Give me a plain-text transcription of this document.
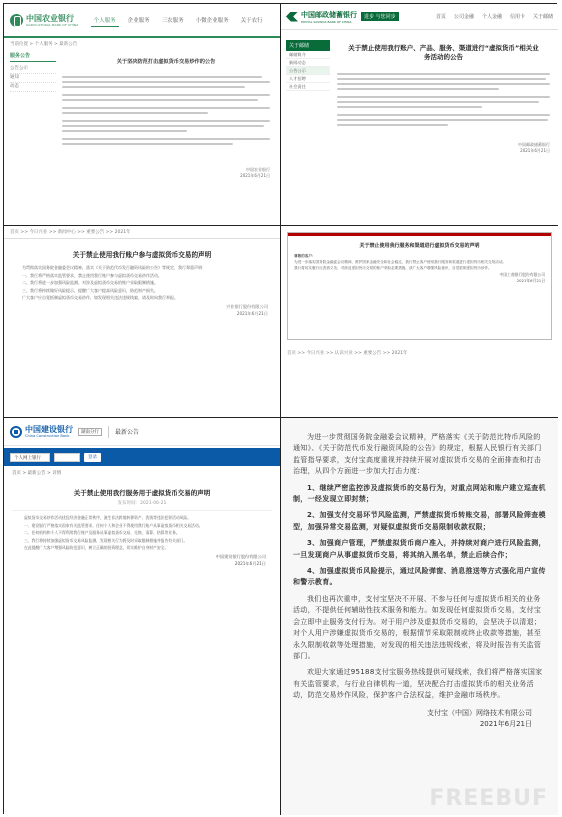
中国农业银行
AGRICULTURAL BANK OF CHINA
个人服务	企业服务	三农服务	小微企业服务	关于农行
当前位置 > 个人服务 > 最新公告
服务公告
公告公示
通知
动态
关于坚决防范打击虚拟货币交易炒作的公告
中国农业银行
2021年6月21日
中国邮政储蓄银行
POSTAL SAVINGS BANK OF CHINA
进步 与您同步	首页 公司金融 个人金融 信用卡 关于邮储
关于邮储
邮储简介
新闻动态
公告公示
人才招聘
社会责任
关于禁止使用我行账户、产品、服务、渠道进行“虚拟货币”相关业务活动的公告
中国邮政储蓄银行
2021年6月21日
首页 >> 今日兴业 >> 新闻中心 >> 重要公告 >> 2021年
关于禁止使用我行账户参与虚拟货币交易的声明
为贯彻落实国务院金融委会议精神，落实《关于防范代币发行融资风险的公告》等规定，我行郑重声明：
一、我行将严格落实监管要求，禁止使用我行账户参与虚拟货币交易炒作活动。
二、我行将进一步加强风险监测，对涉及虚拟货币交易的账户采取限制措施。
三、我行将持续做好风险提示，提醒广大客户提高风险意识，防范财产损失。
广大客户应自觉抵制虚拟货币交易炒作，如发现相关违法违规线索，请及时向我行举报。
兴业银行股份有限公司
2021年6月21日
关于禁止使用我行服务和渠道进行虚拟货币交易的声明
尊敬的客户：
为进一步落实国务院金融委会议精神，维护国家金融安全和社会稳定，我行禁止客户使用我行服务和渠道进行虚拟货币相关交易活动。
我行将切实履行反洗钱义务，对涉及虚拟货币交易的账户采取必要措施，请广大客户增强风险意识，自觉抵制虚拟货币炒作。
中国工商银行股份有限公司
2021年6月21日
首页 >> 今日兴业 >> 认识兴业 >> 重要公告 >> 2021年
中国建设银行
China Construction Bank
湖南分行	最新公告
个人网上银行	登录
首页 > 最新公告 > 详情
关于禁止使用我行服务用于虚拟货币交易的声明
发布时间：2021-06-21
虚拟货币交易炒作活动扰乱经济金融正常秩序，滋生非法跨境转移资产、洗钱等违法犯罪活动风险。
一、建设银行严格落实国家有关监管要求，任何个人和企业不得使用我行账户从事虚拟货币相关交易活动。
二、任何机构和个人不得利用我行账户及服务从事虚拟货币交易、兑换、清算、结算等业务。
三、我行将持续加强虚拟货币交易风险监测，发现相关行为将及时采取限制措施并报告有关部门。
在此提醒广大客户增强风险防范意识，树立正确的投资理念，切实维护自身财产安全。
中国建设银行股份有限公司
2021年6月21日
为进一步贯彻国务院金融委会议精神，严格落实《关于防范比特币风险的通知》、《关于防范代币发行融资风险的公告》的规定，根据人民银行有关部门监管指导要求，支付宝高度重视并持续开展对虚拟货币交易的全面排查和打击治理，从四个方面进一步加大打击力度：
1、继续严密监控涉及虚拟货币的交易行为，对重点网站和账户建立巡查机制，一经发现立即封禁；
2、加强支付交易环节风险监测，严禁虚拟货币转账交易，部署风险筛查模型，加强异常交易监测，对疑似虚拟货币交易限制收款权限；
3、加强商户管理，严禁虚拟货币商户准入，并持续对商户进行风险监测，一旦发现商户从事虚拟货币交易，将其纳入黑名单，禁止后续合作；
4、加强虚拟货币风险提示，通过风险弹窗、消息推送等方式强化用户宣传和警示教育。
我们也再次重申，支付宝坚决不开展、不参与任何与虚拟货币相关的业务活动，不提供任何辅助性技术服务和能力。如发现任何虚拟货币交易，支付宝会立即中止服务支付行为。对于用户涉及虚拟货币交易的，会坚决予以清退；对个人用户涉嫌虚拟货币交易的，根据情节采取限制或终止收款等措施，甚至永久限制收款等处理措施，对发现的相关违法违规线索，将及时报告有关监管部门。
欢迎大家通过95188支付宝服务热线提供可疑线索，我们将严格落实国家有关监管要求，与行业自律机构一道，坚决配合打击虚拟货币的相关业务活动，防范交易炒作风险，保护客户合法权益，维护金融市场秩序。
支付宝（中国）网络技术有限公司
2021年6月21日
FREEBUF
